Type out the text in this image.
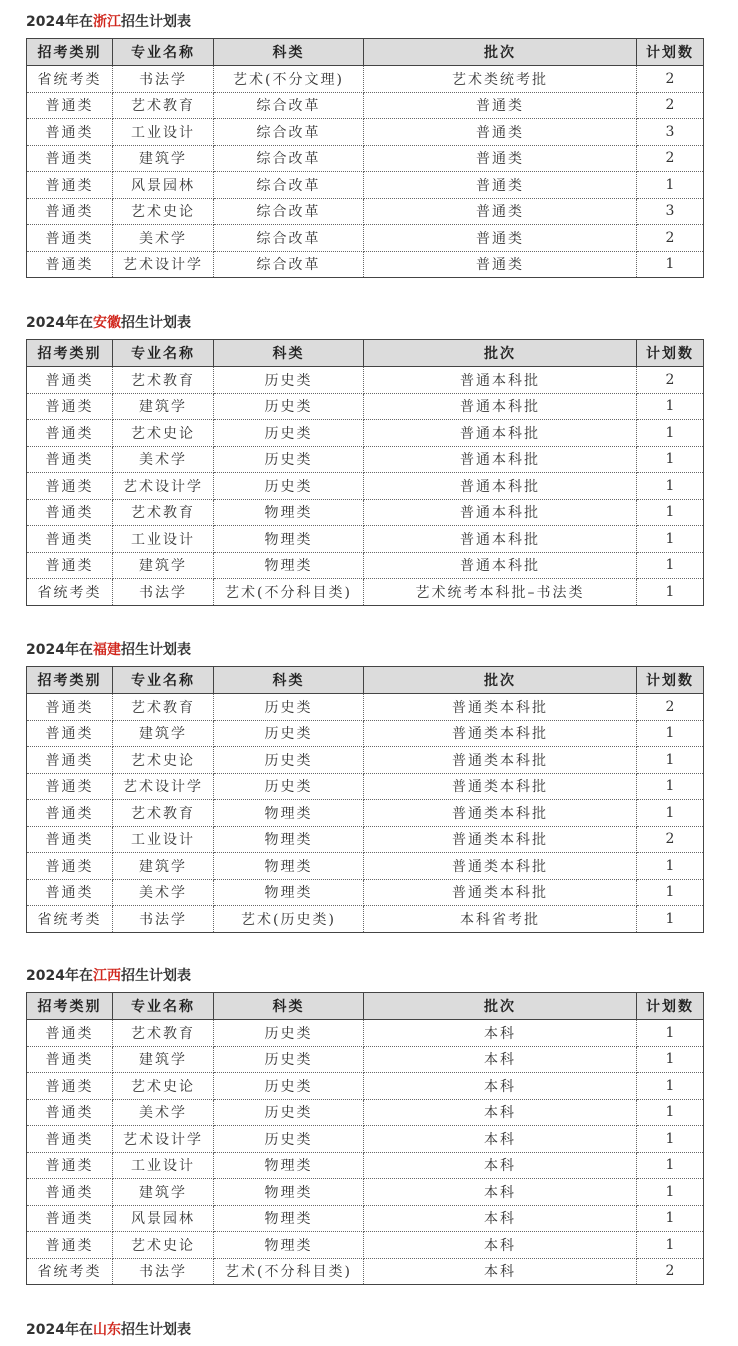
2024年在浙江招生计划表
招考类别	专业名称	科类	批次	计划数
省统考类	书法学	艺术(不分文理)	艺术类统考批	2
普通类	艺术教育	综合改革	普通类	2
普通类	工业设计	综合改革	普通类	3
普通类	建筑学	综合改革	普通类	2
普通类	风景园林	综合改革	普通类	1
普通类	艺术史论	综合改革	普通类	3
普通类	美术学	综合改革	普通类	2
普通类	艺术设计学	综合改革	普通类	1
2024年在安徽招生计划表
招考类别	专业名称	科类	批次	计划数
普通类	艺术教育	历史类	普通本科批	2
普通类	建筑学	历史类	普通本科批	1
普通类	艺术史论	历史类	普通本科批	1
普通类	美术学	历史类	普通本科批	1
普通类	艺术设计学	历史类	普通本科批	1
普通类	艺术教育	物理类	普通本科批	1
普通类	工业设计	物理类	普通本科批	1
普通类	建筑学	物理类	普通本科批	1
省统考类	书法学	艺术(不分科目类)	艺术统考本科批–书法类	1
2024年在福建招生计划表
招考类别	专业名称	科类	批次	计划数
普通类	艺术教育	历史类	普通类本科批	2
普通类	建筑学	历史类	普通类本科批	1
普通类	艺术史论	历史类	普通类本科批	1
普通类	艺术设计学	历史类	普通类本科批	1
普通类	艺术教育	物理类	普通类本科批	1
普通类	工业设计	物理类	普通类本科批	2
普通类	建筑学	物理类	普通类本科批	1
普通类	美术学	物理类	普通类本科批	1
省统考类	书法学	艺术(历史类)	本科省考批	1
2024年在江西招生计划表
招考类别	专业名称	科类	批次	计划数
普通类	艺术教育	历史类	本科	1
普通类	建筑学	历史类	本科	1
普通类	艺术史论	历史类	本科	1
普通类	美术学	历史类	本科	1
普通类	艺术设计学	历史类	本科	1
普通类	工业设计	物理类	本科	1
普通类	建筑学	物理类	本科	1
普通类	风景园林	物理类	本科	1
普通类	艺术史论	物理类	本科	1
省统考类	书法学	艺术(不分科目类)	本科	2
2024年在山东招生计划表
